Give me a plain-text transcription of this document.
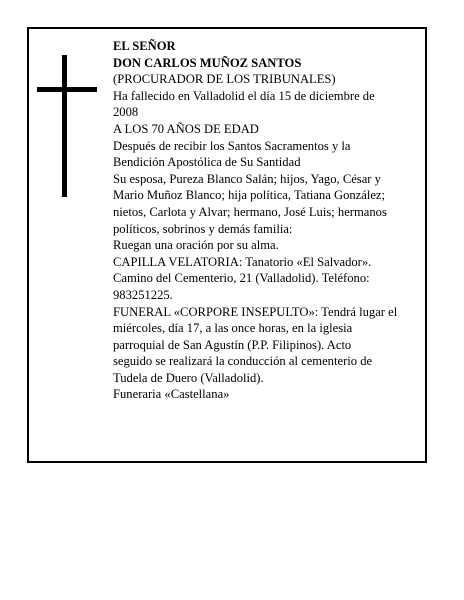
EL SEÑOR
DON CARLOS MUÑOZ SANTOS
(PROCURADOR DE LOS TRIBUNALES)
Ha fallecido en Valladolid el día 15 de diciembre de
2008
A LOS 70 AÑOS DE EDAD
Después de recibir los Santos Sacramentos y la
Bendición Apostólica de Su Santidad
Su esposa, Pureza Blanco Salán; hijos, Yago, César y
Mario Muñoz Blanco; hija política, Tatiana González;
nietos, Carlota y Alvar; hermano, José Luis; hermanos
políticos, sobrinos y demás familia:
Ruegan una oración por su alma.
CAPILLA VELATORIA: Tanatorio «El Salvador».
Camino del Cementerio, 21 (Valladolid). Teléfono:
983251225.
FUNERAL «CORPORE INSEPULTO»: Tendrá lugar el
miércoles, día 17, a las once horas, en la iglesia
parroquial de San Agustín (P.P. Filipinos). Acto
seguido se realizará la conducción al cementerio de
Tudela de Duero (Valladolid).
Funeraria «Castellana»
